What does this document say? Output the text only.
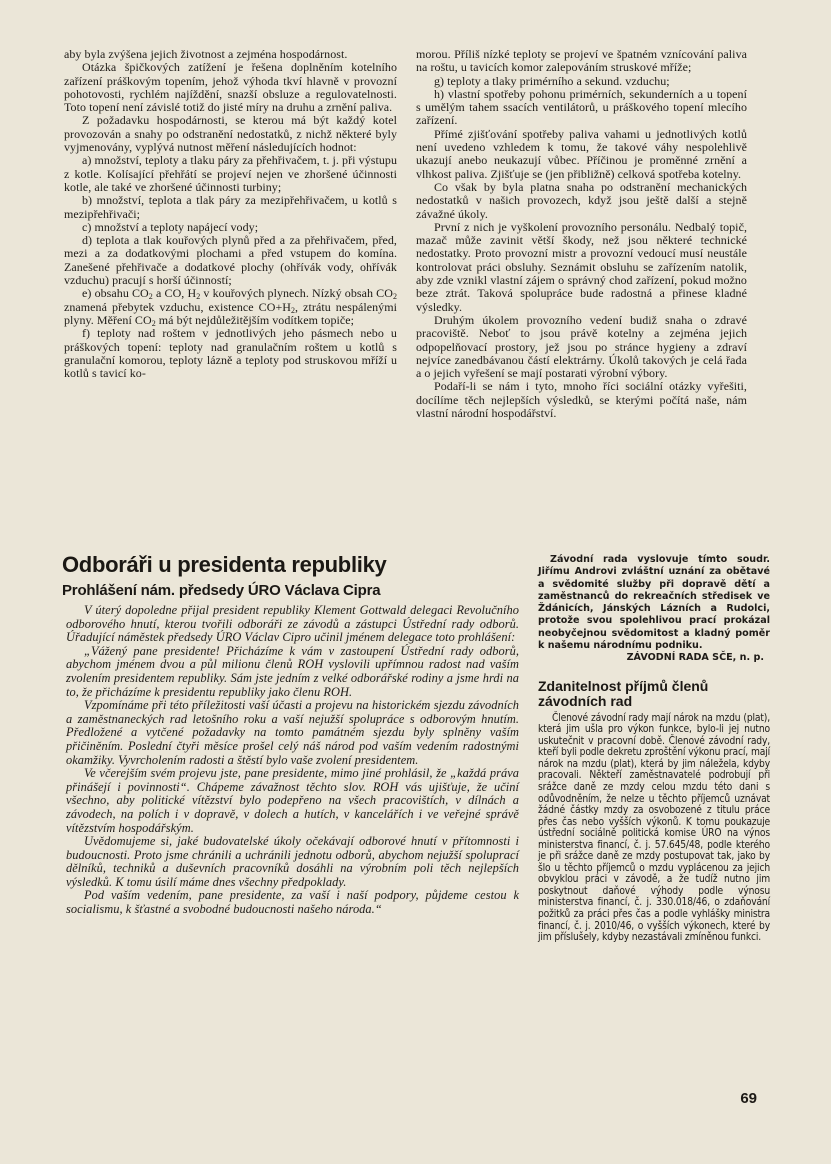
aby byla zvýšena jejich životnost a zejména hospodárnost.

Otázka špičkových zatížení je řešena doplněním kotelního zařízení práškovým topením, jehož výhoda tkví hlavně v provozní pohotovosti, rychlém najíždění, snazší obsluze a regulovatelnosti. Toto topení není závislé totiž do jisté míry na druhu a zrnění paliva.

Z požadavku hospodárnosti, se kterou má být každý kotel provozován a snahy po odstranění nedostatků, z nichž některé byly vyjmenovány, vyplývá nutnost měření následujících hodnot:

a) množství, teploty a tlaku páry za přehřivačem, t. j. při výstupu z kotle. Kolísající přehřátí se projeví nejen ve zhoršené účinnosti kotle, ale také ve zhoršené účinnosti turbiny;

b) množství, teplota a tlak páry za mezipřehřivačem, u kotlů s mezipřehřivači;

c) množství a teploty napájecí vody;

d) teplota a tlak kouřových plynů před a za přehřivačem, před, mezi a za dodatkovými plochami a před vstupem do komína. Zanešené přehřivače a dodatkové plochy (ohřívák vody, ohřívák vzduchu) pracují s horší účinností;

e) obsahu $CO_2$ a CO, $H_2$ v kouřových plynech. Nízký obsah $CO_2$ znamená přebytek vzduchu, existence $CO+H_2$, ztrátu nespálenými plyny. Měření $CO_2$ má být nejdůležitějším vodítkem topiče;

f) teploty nad roštem v jednotlivých jeho pásmech nebo u práškových topení: teploty nad granulačním roštem u kotlů s granulační komorou, teploty lázně a teploty pod struskovou mříží u kotlů s tavicí ko-

morou. Příliš nízké teploty se projeví ve špatném vznícování paliva na roštu, u tavicích komor zalepováním struskové mříže;

g) teploty a tlaky primérního a sekund. vzduchu;

h) vlastní spotřeby pohonu primérních, sekunderních a u topení s umělým tahem ssacích ventilátorů, u práškového topení mlecího zařízení.

Přímé zjišťování spotřeby paliva vahami u jednotlivých kotlů není uvedeno vzhledem k tomu, že takové váhy nespolehlivě ukazují anebo neukazují vůbec. Příčinou je proměnné zrnění a vlhkost paliva. Zjišťuje se (jen přibližně) celková spotřeba kotelny.

Co však by byla platna snaha po odstranění mechanických nedostatků v našich provozech, když jsou ještě další a stejně závažné úkoly.

První z nich je vyškolení provozního personálu. Nedbalý topič, mazač může zavinit větší škody, než jsou některé technické nedostatky. Proto provozní mistr a provozní vedoucí musí neustále kontrolovat práci obsluhy. Seznámit obsluhu se zařízením natolik, aby zde vznikl vlastní zájem o správný chod zařízení, pokud možno beze ztrát. Taková spolupráce bude radostná a přinese kladné výsledky.

Druhým úkolem provozního vedení budiž snaha o zdravé pracoviště. Neboť to jsou právě kotelny a zejména jejich odpopelňovací prostory, jež jsou po stránce hygieny a zdraví nejvíce zanedbávanou částí elektrárny. Úkolů takových je celá řada a o jejich vyřešení se mají postarati výrobní výbory.

Podaří-li se nám i tyto, mnoho říci sociální otázky vyřešiti, docílíme těch nejlepších výsledků, se kterými počítá naše, nám vlastní národní hospodářství.

Odboráři u presidenta republiky
Prohlášení nám. předsedy ÚRO Václava Cipra

V úterý dopoledne přijal president republiky Klement Gottwald delegaci Revolučního odborového hnutí, kterou tvořili odboráři ze závodů a zástupci Ústřední rady odborů. Úřadující náměstek předsedy ÚRO Václav Cipro učinil jménem delegace toto prohlášení:

„Vážený pane presidente! Přicházíme k vám v zastoupení Ústřední rady odborů, abychom jménem dvou a půl milionu členů ROH vyslovili upřímnou radost nad vaším zvolením presidentem republiky. Sám jste jedním z velké odborářské rodiny a jsme hrdi na to, že přicházíme k presidentu republiky jako členu ROH.

Vzpomínáme při této příležitosti vaší účasti a projevu na historickém sjezdu závodních a zaměstnaneckých rad letošního roku a vaší nejužší spolupráce s odborovým hnutím. Předložené a vytčené požadavky na tomto památném sjezdu byly splněny vaším přičiněním. Poslední čtyři měsíce prošel celý náš národ pod vaším vedením radostnými okamžiky. Vyvrcholením radosti a štěstí bylo vaše zvolení presidentem.

Ve včerejším svém projevu jste, pane presidente, mimo jiné prohlásil, že „každá práva přinášejí i povinnosti“. Chápeme závažnost těchto slov. ROH vás ujišťuje, že učiní všechno, aby politické vítězství bylo podepřeno na všech pracovištích, v dílnách a závodech, na polích i v dopravě, v dolech a hutích, v kancelářích i ve veřejné správě vítězstvím hospodářským.

Uvědomujeme si, jaké budovatelské úkoly očekávají odborové hnutí v přítomnosti i budoucnosti. Proto jsme chránili a uchránili jednotu odborů, abychom nejužší spoluprací dělníků, techniků a duševních pracovníků dosáhli na výrobním poli těch nejlepších výsledků. K tomu úsilí máme dnes všechny předpoklady.

Pod vaším vedením, pane presidente, za vaší i naší podpory, půjdeme cestou k socialismu, k šťastné a svobodné budoucnosti našeho národa.“

Závodní rada vyslovuje tímto soudr. Jiřímu Androvi zvláštní uznání za obětavé a svědomité služby při dopravě dětí a zaměstnanců do rekreačních středisek ve Ždánicích, Jánských Lázních a Rudolci, protože svou spolehlivou prací prokázal neobyčejnou svědomitost a kladný poměr k našemu národnímu podniku.

ZÁVODNÍ RADA SČE, n. p.

Zdanitelnost příjmů členů závodních rad

Členové závodní rady mají nárok na mzdu (plat), která jim ušla pro výkon funkce, bylo-li jej nutno uskutečnit v pracovní době. Členové závodní rady, kteří byli podle dekretu zproštění výkonu prací, mají nárok na mzdu (plat), která by jim náležela, kdyby pracovali. Někteří zaměstnavatelé podrobují při srážce daně ze mzdy celou mzdu této dani s odůvodněním, že nelze u těchto příjemců uznávat žádné částky mzdy za osvobozené z titulu práce přes čas nebo vyšších výkonů. K tomu poukazuje ústřední sociálně politická komise ÚRO na výnos ministerstva financí, č. j. 57.645/48, podle kterého je při srážce daně ze mzdy postupovat tak, jako by šlo u těchto příjemců o mzdu vyplácenou za jejich obvyklou práci v závodě, a že tudíž nutno jim poskytnout daňové výhody podle výnosu ministerstva financí, č. j. 330.018/46, o zdaňování požitků za práci přes čas a podle vyhlášky ministra financí, č. j. 2010/46, o vyšších výkonech, které by jim příslušely, kdyby nezastávali zmíněnou funkci.

69
